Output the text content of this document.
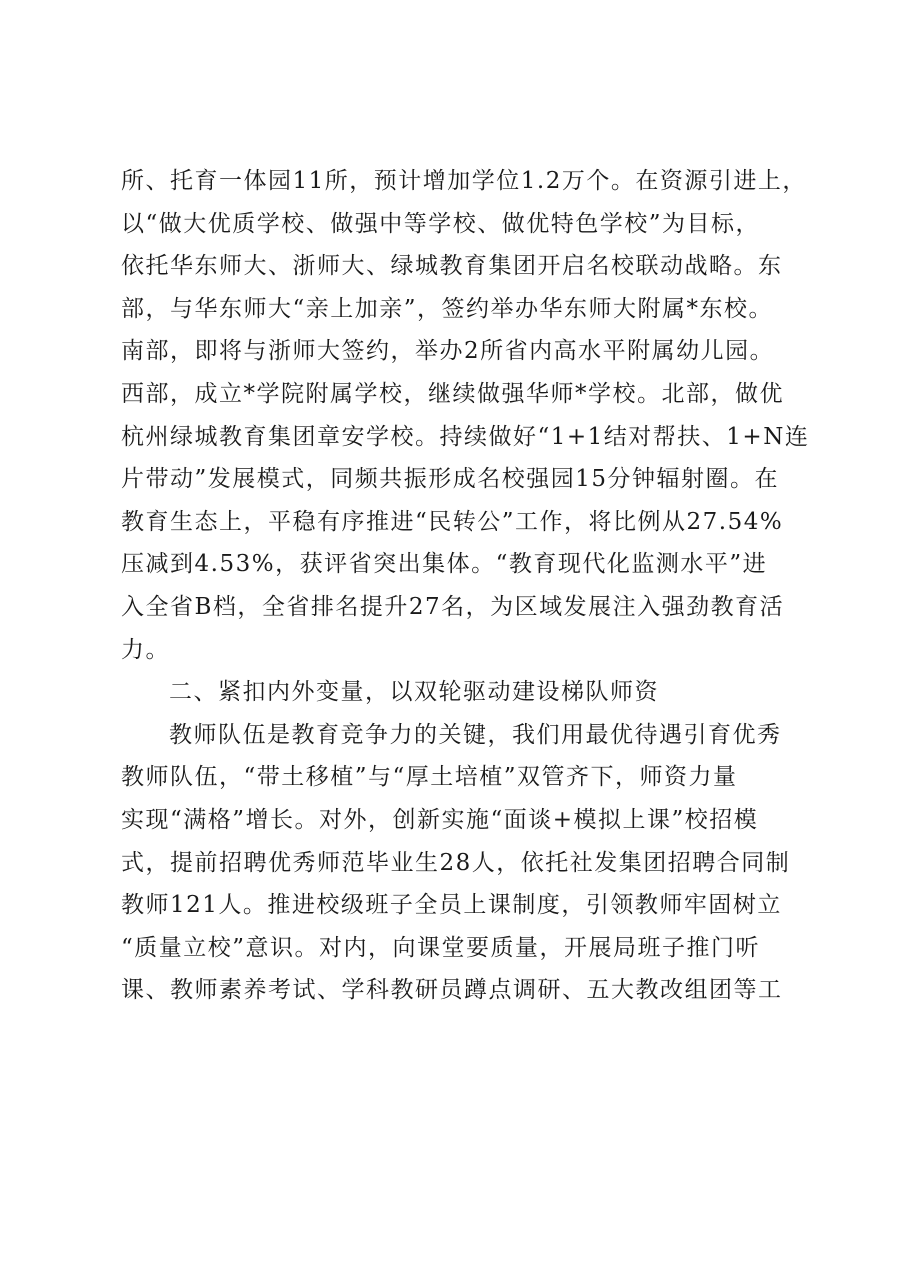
所、托育一体园11所，预计增加学位1.2万个。在资源引进上，
以“做大优质学校、做强中等学校、做优特色学校”为目标，
依托华东师大、浙师大、绿城教育集团开启名校联动战略。东
部，与华东师大“亲上加亲”，签约举办华东师大附属*东校。
南部，即将与浙师大签约，举办2所省内高水平附属幼儿园。
西部，成立*学院附属学校，继续做强华师*学校。北部，做优
杭州绿城教育集团章安学校。持续做好“1+1结对帮扶、1+N连
片带动”发展模式，同频共振形成名校强园15分钟辐射圈。在
教育生态上，平稳有序推进“民转公”工作，将比例从27.54%
压减到4.53%，获评省突出集体。“教育现代化监测水平”进
入全省B档，全省排名提升27名，为区域发展注入强劲教育活
力。
二、紧扣内外变量，以双轮驱动建设梯队师资
教师队伍是教育竞争力的关键，我们用最优待遇引育优秀
教师队伍，“带土移植”与“厚土培植”双管齐下，师资力量
实现“满格”增长。对外，创新实施“面谈+模拟上课”校招模
式，提前招聘优秀师范毕业生28人，依托社发集团招聘合同制
教师121人。推进校级班子全员上课制度，引领教师牢固树立
“质量立校”意识。对内，向课堂要质量，开展局班子推门听
课、教师素养考试、学科教研员蹲点调研、五大教改组团等工
